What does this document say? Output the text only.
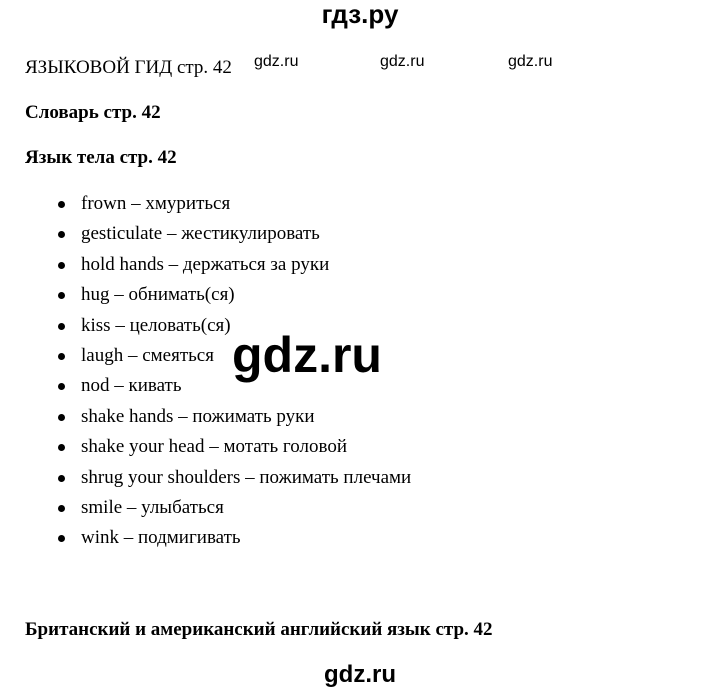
гдз.ру
ЯЗЫКОВОЙ ГИД стр. 42 gdz.ru	gdz.ru	gdz.ru
Словарь стр. 42
Язык тела стр. 42
frown – хмуриться
gesticulate – жестикулировать
hold hands – держаться за руки
hug – обнимать(ся)
kiss – целовать(ся)
laugh – смеяться
nod – кивать
shake hands – пожимать руки
shake your head – мотать головой
shrug your shoulders – пожимать плечами
smile – улыбаться
wink – подмигивать
gdz.ru
Британский и американский английский язык стр. 42
gdz.ru
